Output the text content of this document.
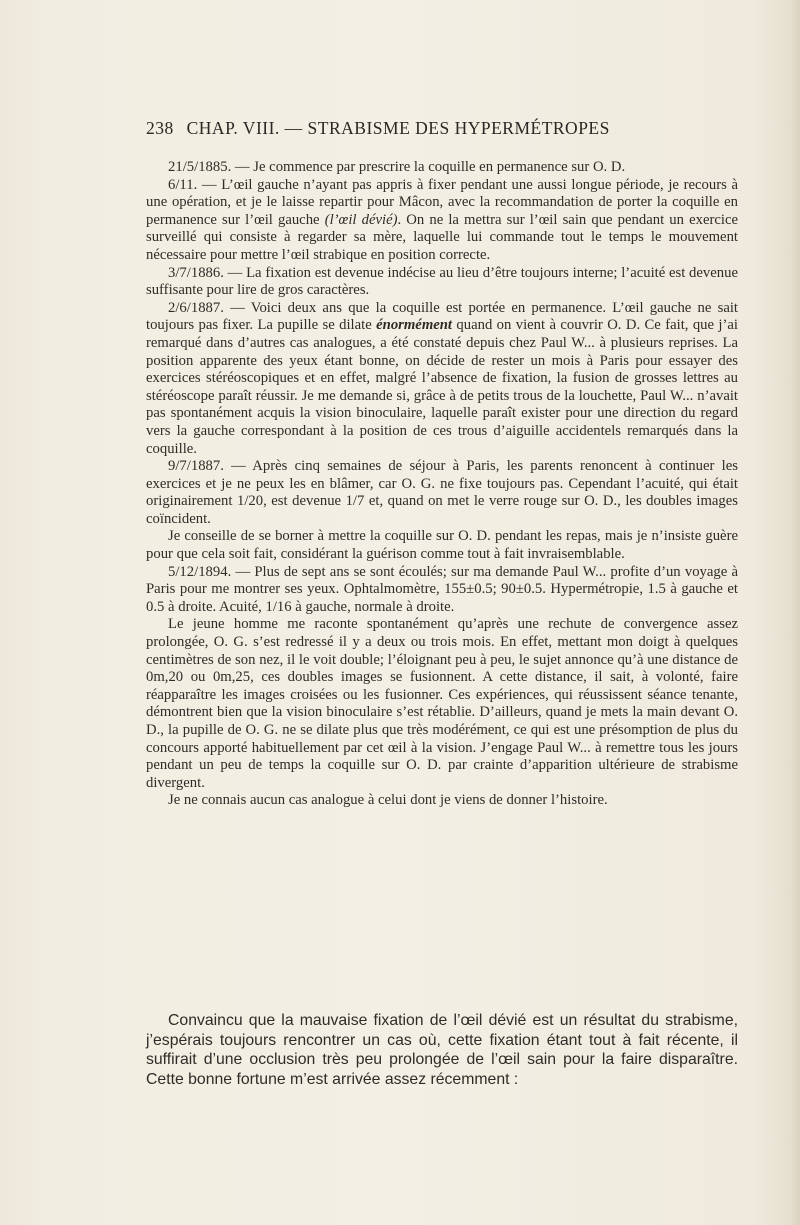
238 CHAP. VIII. — STRABISME DES HYPERMÉTROPES

21/5/1885. — Je commence par prescrire la coquille en permanence sur O. D.

6/11. — L’œil gauche n’ayant pas appris à fixer pendant une aussi longue période, je recours à une opération, et je le laisse repartir pour Mâcon, avec la recommandation de porter la coquille en permanence sur l’œil gauche (l’œil dévié). On ne la mettra sur l’œil sain que pendant un exercice surveillé qui consiste à regarder sa mère, laquelle lui commande tout le temps le mouvement nécessaire pour mettre l’œil strabique en position correcte.

3/7/1886. — La fixation est devenue indécise au lieu d’être toujours interne; l’acuité est devenue suffisante pour lire de gros caractères.

2/6/1887. — Voici deux ans que la coquille est portée en permanence. L’œil gauche ne sait toujours pas fixer. La pupille se dilate énormément quand on vient à couvrir O. D. Ce fait, que j’ai remarqué dans d’autres cas analogues, a été constaté depuis chez Paul W... à plusieurs reprises. La position apparente des yeux étant bonne, on décide de rester un mois à Paris pour essayer des exercices stéréoscopiques et en effet, malgré l’absence de fixation, la fusion de grosses lettres au stéréoscope paraît réussir. Je me demande si, grâce à de petits trous de la louchette, Paul W... n’avait pas spontanément acquis la vision binoculaire, laquelle paraît exister pour une direction du regard vers la gauche correspondant à la position de ces trous d’aiguille accidentels remarqués dans la coquille.

9/7/1887. — Après cinq semaines de séjour à Paris, les parents renoncent à continuer les exercices et je ne peux les en blâmer, car O. G. ne fixe toujours pas. Cependant l’acuité, qui était originairement 1/20, est devenue 1/7 et, quand on met le verre rouge sur O. D., les doubles images coïncident.

Je conseille de se borner à mettre la coquille sur O. D. pendant les repas, mais je n’insiste guère pour que cela soit fait, considérant la guérison comme tout à fait invraisemblable.

5/12/1894. — Plus de sept ans se sont écoulés; sur ma demande Paul W... profite d’un voyage à Paris pour me montrer ses yeux. Ophtalmomètre, 155±0.5; 90±0.5. Hypermétropie, 1.5 à gauche et 0.5 à droite. Acuité, 1/16 à gauche, normale à droite.

Le jeune homme me raconte spontanément qu’après une rechute de convergence assez prolongée, O. G. s’est redressé il y a deux ou trois mois. En effet, mettant mon doigt à quelques centimètres de son nez, il le voit double; l’éloignant peu à peu, le sujet annonce qu’à une distance de 0m,20 ou 0m,25, ces doubles images se fusionnent. A cette distance, il sait, à volonté, faire réapparaître les images croisées ou les fusionner. Ces expériences, qui réussissent séance tenante, démontrent bien que la vision binoculaire s’est rétablie. D’ailleurs, quand je mets la main devant O. D., la pupille de O. G. ne se dilate plus que très modérément, ce qui est une présomption de plus du concours apporté habituellement par cet œil à la vision. J’engage Paul W... à remettre tous les jours pendant un peu de temps la coquille sur O. D. par crainte d’apparition ultérieure de strabisme divergent.

Je ne connais aucun cas analogue à celui dont je viens de donner l’histoire.

Convaincu que la mauvaise fixation de l’œil dévié est un résultat du strabisme, j’espérais toujours rencontrer un cas où, cette fixation étant tout à fait récente, il suffirait d’une occlusion très peu prolongée de l’œil sain pour la faire disparaître. Cette bonne fortune m’est arrivée assez récemment :
